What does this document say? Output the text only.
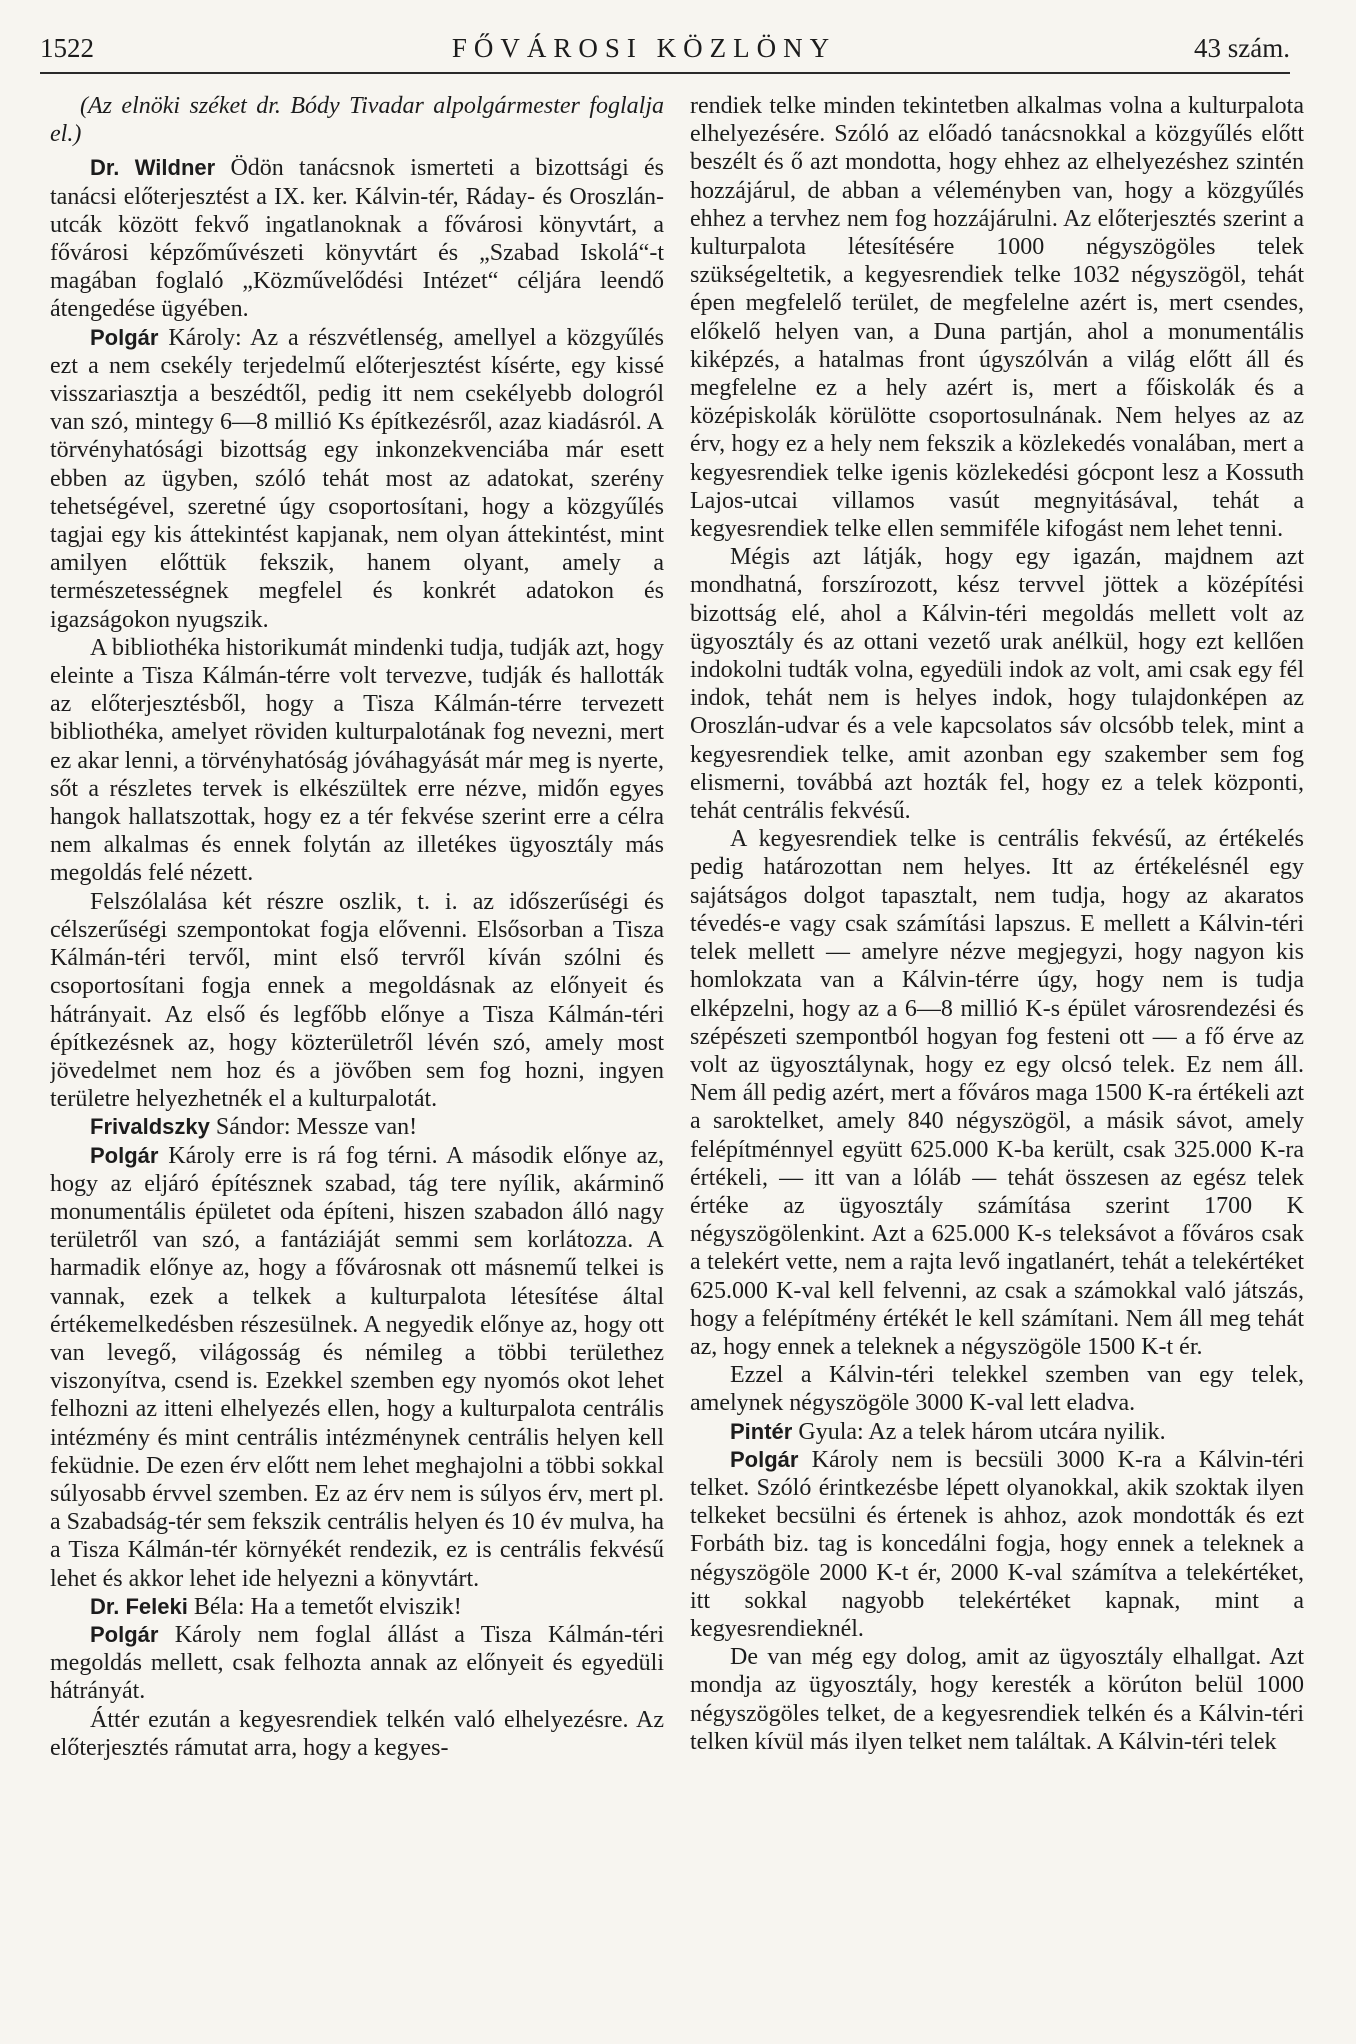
1522	FŐVÁROSI KÖZLÖNY	43 szám.

(Az elnöki széket dr. Bódy Tivadar alpolgármester foglalja el.)

Dr. Wildner Ödön tanácsnok ismerteti a bizottsági és tanácsi előterjesztést a IX. ker. Kálvin-tér, Ráday- és Oroszlán-utcák között fekvő ingatlanoknak a fővárosi könyvtárt, a fővárosi képzőművészeti könyvtárt és „Szabad Iskolá“-t magában foglaló „Közművelődési Intézet“ céljára leendő átengedése ügyében.

Polgár Károly: Az a részvétlenség, amellyel a közgyűlés ezt a nem csekély terjedelmű előterjesztést kísérte, egy kissé visszariasztja a beszédtől, pedig itt nem csekélyebb dologról van szó, mintegy 6—8 millió Ks építkezésről, azaz kiadásról. A törvényhatósági bizottság egy inkonzekvenciába már esett ebben az ügyben, szóló tehát most az adatokat, szerény tehetségével, szeretné úgy csoportosítani, hogy a közgyűlés tagjai egy kis áttekintést kapjanak, nem olyan áttekintést, mint amilyen előttük fekszik, hanem olyant, amely a természetességnek megfelel és konkrét adatokon és igazságokon nyugszik.

A bibliothéka historikumát mindenki tudja, tudják azt, hogy eleinte a Tisza Kálmán-térre volt tervezve, tudják és hallották az előterjesztésből, hogy a Tisza Kálmán-térre tervezett bibliothéka, amelyet röviden kulturpalotának fog nevezni, mert ez akar lenni, a törvényhatóság jóváhagyását már meg is nyerte, sőt a részletes tervek is elkészültek erre nézve, midőn egyes hangok hallatszottak, hogy ez a tér fekvése szerint erre a célra nem alkalmas és ennek folytán az illetékes ügyosztály más megoldás felé nézett.

Felszólalása két részre oszlik, t. i. az időszerűségi és célszerűségi szempontokat fogja elővenni. Elsősorban a Tisza Kálmán-téri tervől, mint első tervről kíván szólni és csoportosítani fogja ennek a megoldásnak az előnyeit és hátrányait. Az első és legfőbb előnye a Tisza Kálmán-téri építkezésnek az, hogy közterületről lévén szó, amely most jövedelmet nem hoz és a jövőben sem fog hozni, ingyen területre helyezhetnék el a kulturpalotát.

Frivaldszky Sándor: Messze van!

Polgár Károly erre is rá fog térni. A második előnye az, hogy az eljáró építésznek szabad, tág tere nyílik, akárminő monumentális épületet oda építeni, hiszen szabadon álló nagy területről van szó, a fantáziáját semmi sem korlátozza. A harmadik előnye az, hogy a fővárosnak ott másnemű telkei is vannak, ezek a telkek a kulturpalota létesítése által értékemelkedésben részesülnek. A negyedik előnye az, hogy ott van levegő, világosság és némileg a többi területhez viszonyítva, csend is. Ezekkel szemben egy nyomós okot lehet felhozni az itteni elhelyezés ellen, hogy a kulturpalota centrális intézmény és mint centrális intézménynek centrális helyen kell feküdnie. De ezen érv előtt nem lehet meghajolni a többi sokkal súlyosabb érvvel szemben. Ez az érv nem is súlyos érv, mert pl. a Szabadság-tér sem fekszik centrális helyen és 10 év mulva, ha a Tisza Kálmán-tér környékét rendezik, ez is centrális fekvésű lehet és akkor lehet ide helyezni a könyvtárt.

Dr. Feleki Béla: Ha a temetőt elviszik!

Polgár Károly nem foglal állást a Tisza Kálmán-téri megoldás mellett, csak felhozta annak az előnyeit és egyedüli hátrányát.

Áttér ezután a kegyesrendiek telkén való elhelyezésre. Az előterjesztés rámutat arra, hogy a kegyes-

rendiek telke minden tekintetben alkalmas volna a kulturpalota elhelyezésére. Szóló az előadó tanácsnokkal a közgyűlés előtt beszélt és ő azt mondotta, hogy ehhez az elhelyezéshez szintén hozzájárul, de abban a véleményben van, hogy a közgyűlés ehhez a tervhez nem fog hozzájárulni. Az előterjesztés szerint a kulturpalota létesítésére 1000 négyszögöles telek szükségeltetik, a kegyesrendiek telke 1032 négyszögöl, tehát épen megfelelő terület, de megfelelne azért is, mert csendes, előkelő helyen van, a Duna partján, ahol a monumentális kiképzés, a hatalmas front úgyszólván a világ előtt áll és megfelelne ez a hely azért is, mert a főiskolák és a középiskolák körülötte csoportosulnának. Nem helyes az az érv, hogy ez a hely nem fekszik a közlekedés vonalában, mert a kegyesrendiek telke igenis közlekedési gócpont lesz a Kossuth Lajos-utcai villamos vasút megnyitásával, tehát a kegyesrendiek telke ellen semmiféle kifogást nem lehet tenni.

Mégis azt látják, hogy egy igazán, majdnem azt mondhatná, forszírozott, kész tervvel jöttek a középítési bizottság elé, ahol a Kálvin-téri megoldás mellett volt az ügyosztály és az ottani vezető urak anélkül, hogy ezt kellően indokolni tudták volna, egyedüli indok az volt, ami csak egy fél indok, tehát nem is helyes indok, hogy tulajdonképen az Oroszlán-udvar és a vele kapcsolatos sáv olcsóbb telek, mint a kegyesrendiek telke, amit azonban egy szakember sem fog elismerni, továbbá azt hozták fel, hogy ez a telek központi, tehát centrális fekvésű.

A kegyesrendiek telke is centrális fekvésű, az értékelés pedig határozottan nem helyes. Itt az értékelésnél egy sajátságos dolgot tapasztalt, nem tudja, hogy az akaratos tévedés-e vagy csak számítási lapszus. E mellett a Kálvin-téri telek mellett — amelyre nézve megjegyzi, hogy nagyon kis homlokzata van a Kálvin-térre úgy, hogy nem is tudja elképzelni, hogy az a 6—8 millió K-s épület városrendezési és szépészeti szempontból hogyan fog festeni ott — a fő érve az volt az ügyosztálynak, hogy ez egy olcsó telek. Ez nem áll. Nem áll pedig azért, mert a főváros maga 1500 K-ra értékeli azt a saroktelket, amely 840 négyszögöl, a másik sávot, amely felépítménnyel együtt 625.000 K-ba került, csak 325.000 K-ra értékeli, — itt van a lóláb — tehát összesen az egész telek értéke az ügyosztály számítása szerint 1700 K négyszögölenkint. Azt a 625.000 K-s teleksávot a főváros csak a telekért vette, nem a rajta levő ingatlanért, tehát a telekértéket 625.000 K-val kell felvenni, az csak a számokkal való játszás, hogy a felépítmény értékét le kell számítani. Nem áll meg tehát az, hogy ennek a teleknek a négyszögöle 1500 K-t ér.

Ezzel a Kálvin-téri telekkel szemben van egy telek, amelynek négyszögöle 3000 K-val lett eladva.

Pintér Gyula: Az a telek három utcára nyilik.

Polgár Károly nem is becsüli 3000 K-ra a Kálvin-téri telket. Szóló érintkezésbe lépett olyanokkal, akik szoktak ilyen telkeket becsülni és értenek is ahhoz, azok mondották és ezt Forbáth biz. tag is koncedálni fogja, hogy ennek a teleknek a négyszögöle 2000 K-t ér, 2000 K-val számítva a telekértéket, itt sokkal nagyobb telekértéket kapnak, mint a kegyesrendieknél.

De van még egy dolog, amit az ügyosztály elhallgat. Azt mondja az ügyosztály, hogy keresték a körúton belül 1000 négyszögöles telket, de a kegyesrendiek telkén és a Kálvin-téri telken kívül más ilyen telket nem találtak. A Kálvin-téri telek
